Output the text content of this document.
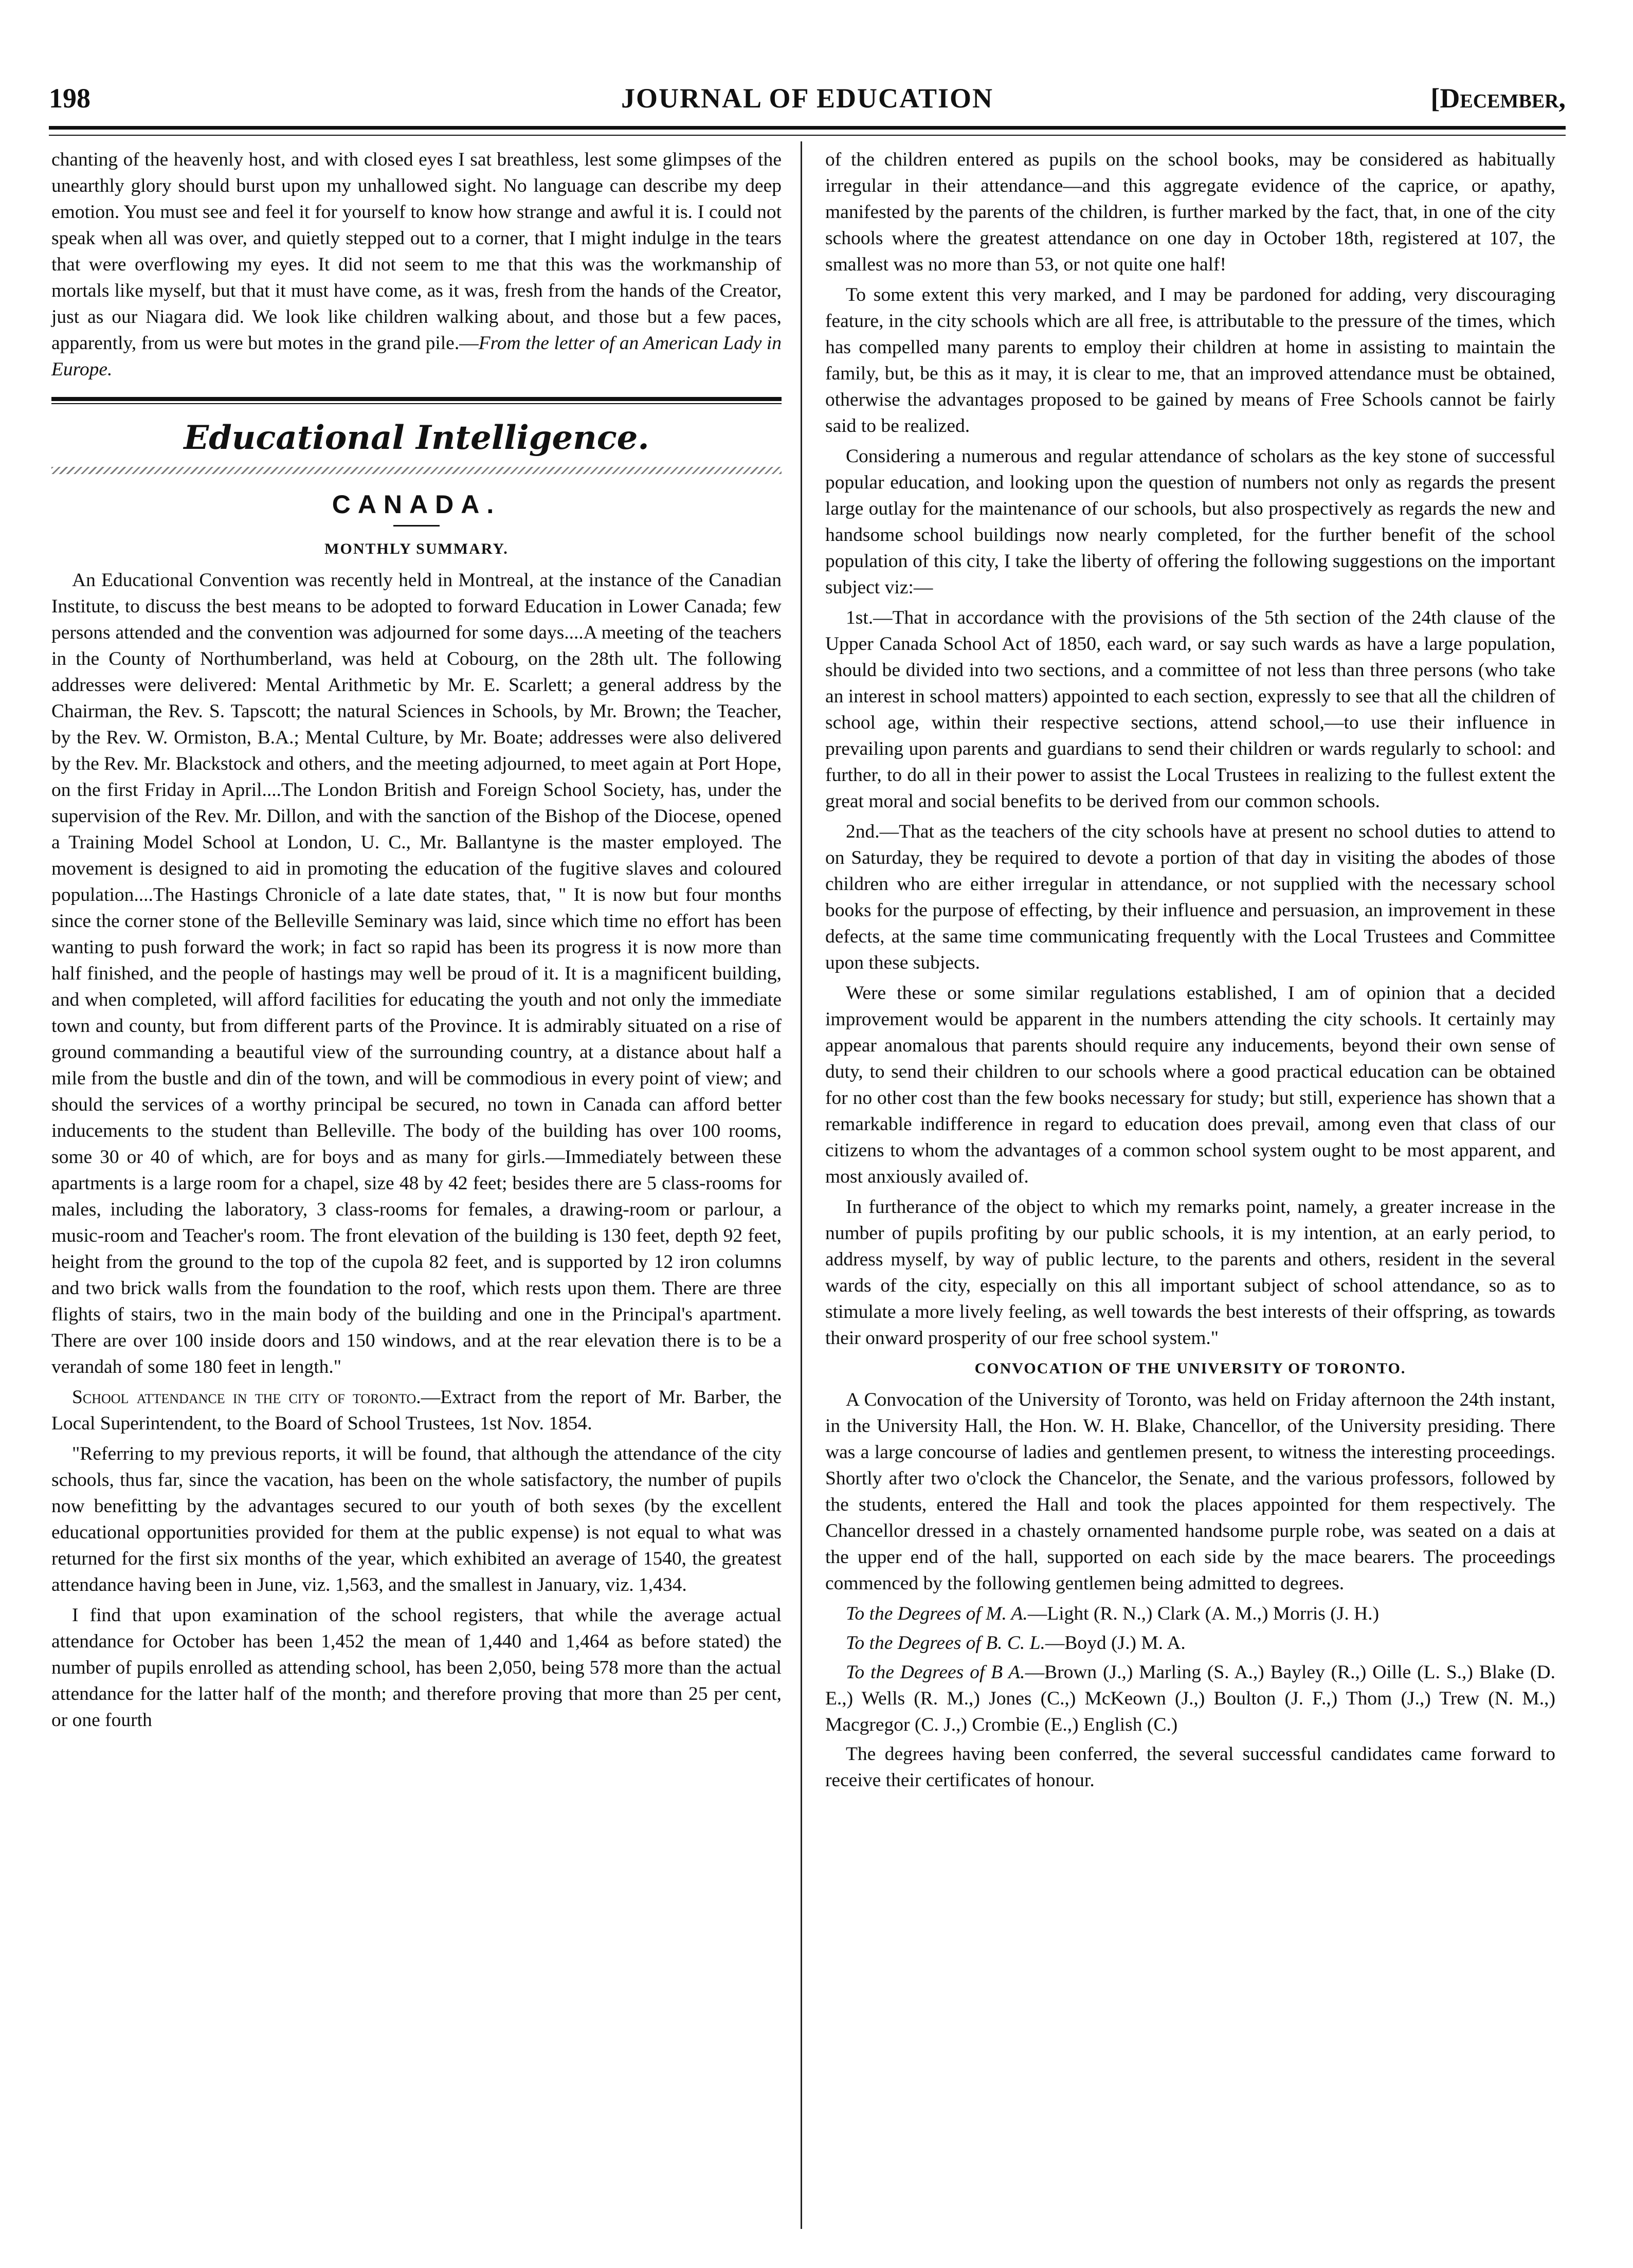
198	JOURNAL OF EDUCATION	[December,

chanting of the heavenly host, and with closed eyes I sat breathless, lest some glimpses of the unearthly glory should burst upon my unhallowed sight. No language can describe my deep emotion. You must see and feel it for yourself to know how strange and awful it is. I could not speak when all was over, and quietly stepped out to a corner, that I might indulge in the tears that were overflowing my eyes. It did not seem to me that this was the workmanship of mortals like myself, but that it must have come, as it was, fresh from the hands of the Creator, just as our Niagara did. We look like children walking about, and those but a few paces, apparently, from us were but motes in the grand pile.—From the letter of an American Lady in Europe.

Educational Intelligence.
CANADA.
MONTHLY SUMMARY.

An Educational Convention was recently held in Montreal, at the instance of the Canadian Institute, to discuss the best means to be adopted to forward Education in Lower Canada; few persons attended and the convention was adjourned for some days....A meeting of the teachers in the County of Northumberland, was held at Cobourg, on the 28th ult. The following addresses were delivered: Mental Arithmetic by Mr. E. Scarlett; a general address by the Chairman, the Rev. S. Tapscott; the natural Sciences in Schools, by Mr. Brown; the Teacher, by the Rev. W. Ormiston, B.A.; Mental Culture, by Mr. Boate; addresses were also delivered by the Rev. Mr. Blackstock and others, and the meeting adjourned, to meet again at Port Hope, on the first Friday in April....The London British and Foreign School Society, has, under the supervision of the Rev. Mr. Dillon, and with the sanction of the Bishop of the Diocese, opened a Training Model School at London, U. C., Mr. Ballantyne is the master employed. The movement is designed to aid in promoting the education of the fugitive slaves and coloured population....The Hastings Chronicle of a late date states, that, " It is now but four months since the corner stone of the Belleville Seminary was laid, since which time no effort has been wanting to push forward the work; in fact so rapid has been its progress it is now more than half finished, and the people of hastings may well be proud of it. It is a magnificent building, and when completed, will afford facilities for educating the youth and not only the immediate town and county, but from different parts of the Province. It is admirably situated on a rise of ground commanding a beautiful view of the surrounding country, at a distance about half a mile from the bustle and din of the town, and will be commodious in every point of view; and should the services of a worthy principal be secured, no town in Canada can afford better inducements to the student than Belleville. The body of the building has over 100 rooms, some 30 or 40 of which, are for boys and as many for girls.—Immediately between these apartments is a large room for a chapel, size 48 by 42 feet; besides there are 5 class-rooms for males, including the laboratory, 3 class-rooms for females, a drawing-room or parlour, a music-room and Teacher's room. The front elevation of the building is 130 feet, depth 92 feet, height from the ground to the top of the cupola 82 feet, and is supported by 12 iron columns and two brick walls from the foundation to the roof, which rests upon them. There are three flights of stairs, two in the main body of the building and one in the Principal's apartment. There are over 100 inside doors and 150 windows, and at the rear elevation there is to be a verandah of some 180 feet in length."

School attendance in the city of toronto.—Extract from the report of Mr. Barber, the Local Superintendent, to the Board of School Trustees, 1st Nov. 1854.

"Referring to my previous reports, it will be found, that although the attendance of the city schools, thus far, since the vacation, has been on the whole satisfactory, the number of pupils now benefitting by the advantages secured to our youth of both sexes (by the excellent educational opportunities provided for them at the public expense) is not equal to what was returned for the first six months of the year, which exhibited an average of 1540, the greatest attendance having been in June, viz. 1,563, and the smallest in January, viz. 1,434.

I find that upon examination of the school registers, that while the average actual attendance for October has been 1,452 the mean of 1,440 and 1,464 as before stated) the number of pupils enrolled as attending school, has been 2,050, being 578 more than the actual attendance for the latter half of the month; and therefore proving that more than 25 per cent, or one fourth

of the children entered as pupils on the school books, may be considered as habitually irregular in their attendance—and this aggregate evidence of the caprice, or apathy, manifested by the parents of the children, is further marked by the fact, that, in one of the city schools where the greatest attendance on one day in October 18th, registered at 107, the smallest was no more than 53, or not quite one half!

To some extent this very marked, and I may be pardoned for adding, very discouraging feature, in the city schools which are all free, is attributable to the pressure of the times, which has compelled many parents to employ their children at home in assisting to maintain the family, but, be this as it may, it is clear to me, that an improved attendance must be obtained, otherwise the advantages proposed to be gained by means of Free Schools cannot be fairly said to be realized.

Considering a numerous and regular attendance of scholars as the key stone of successful popular education, and looking upon the question of numbers not only as regards the present large outlay for the maintenance of our schools, but also prospectively as regards the new and handsome school buildings now nearly completed, for the further benefit of the school population of this city, I take the liberty of offering the following suggestions on the important subject viz:—

1st.—That in accordance with the provisions of the 5th section of the 24th clause of the Upper Canada School Act of 1850, each ward, or say such wards as have a large population, should be divided into two sections, and a committee of not less than three persons (who take an interest in school matters) appointed to each section, expressly to see that all the children of school age, within their respective sections, attend school,—to use their influence in prevailing upon parents and guardians to send their children or wards regularly to school: and further, to do all in their power to assist the Local Trustees in realizing to the fullest extent the great moral and social benefits to be derived from our common schools.

2nd.—That as the teachers of the city schools have at present no school duties to attend to on Saturday, they be required to devote a portion of that day in visiting the abodes of those children who are either irregular in attendance, or not supplied with the necessary school books for the purpose of effecting, by their influence and persuasion, an improvement in these defects, at the same time communicating frequently with the Local Trustees and Committee upon these subjects.

Were these or some similar regulations established, I am of opinion that a decided improvement would be apparent in the numbers attending the city schools. It certainly may appear anomalous that parents should require any inducements, beyond their own sense of duty, to send their children to our schools where a good practical education can be obtained for no other cost than the few books necessary for study; but still, experience has shown that a remarkable indifference in regard to education does prevail, among even that class of our citizens to whom the advantages of a common school system ought to be most apparent, and most anxiously availed of.

In furtherance of the object to which my remarks point, namely, a greater increase in the number of pupils profiting by our public schools, it is my intention, at an early period, to address myself, by way of public lecture, to the parents and others, resident in the several wards of the city, especially on this all important subject of school attendance, so as to stimulate a more lively feeling, as well towards the best interests of their offspring, as towards their onward prosperity of our free school system."

CONVOCATION OF THE UNIVERSITY OF TORONTO.

A Convocation of the University of Toronto, was held on Friday afternoon the 24th instant, in the University Hall, the Hon. W. H. Blake, Chancellor, of the University presiding. There was a large concourse of ladies and gentlemen present, to witness the interesting proceedings. Shortly after two o'clock the Chancelor, the Senate, and the various professors, followed by the students, entered the Hall and took the places appointed for them respectively. The Chancellor dressed in a chastely ornamented handsome purple robe, was seated on a dais at the upper end of the hall, supported on each side by the mace bearers. The proceedings commenced by the following gentlemen being admitted to degrees.

To the Degrees of M. A.—Light (R. N.,) Clark (A. M.,) Morris (J. H.)

To the Degrees of B. C. L.—Boyd (J.) M. A.

To the Degrees of B A.—Brown (J.,) Marling (S. A.,) Bayley (R.,) Oille (L. S.,) Blake (D. E.,) Wells (R. M.,) Jones (C.,) McKeown (J.,) Boulton (J. F.,) Thom (J.,) Trew (N. M.,) Macgregor (C. J.,) Crombie (E.,) English (C.)

The degrees having been conferred, the several successful candidates came forward to receive their certificates of honour.
